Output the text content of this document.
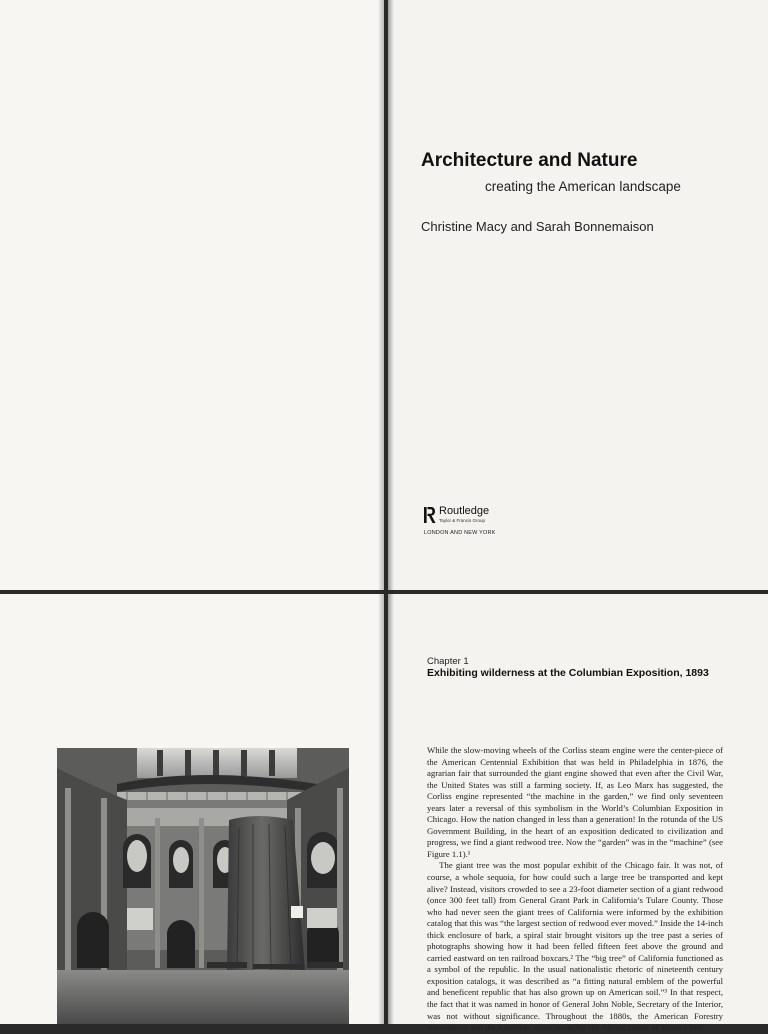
Architecture and Nature
creating the American landscape
Christine Macy and Sarah Bonnemaison
Routledge
Taylor & Francis Group
LONDON AND NEW YORK
Chapter 1
Exhibiting wilderness at the Columbian Exposition, 1893

While the slow-moving wheels of the Corliss steam engine were the center-piece of the American Centennial Exhibition that was held in Philadelphia in 1876, the agrarian fair that surrounded the giant engine showed that even after the Civil War, the United States was still a farming society. If, as Leo Marx has suggested, the Corliss engine represented “the machine in the garden,” we find only seventeen years later a reversal of this symbolism in the World’s Columbian Exposition in Chicago. How the nation changed in less than a generation! In the rotunda of the US Government Building, in the heart of an exposition dedicated to civilization and progress, we find a giant redwood tree. Now the “garden” was in the “machine” (see Figure 1.1).¹

The giant tree was the most popular exhibit of the Chicago fair. It was not, of course, a whole sequoia, for how could such a large tree be transported and kept alive? Instead, visitors crowded to see a 23-foot diameter section of a giant redwood (once 300 feet tall) from General Grant Park in California’s Tulare County. Those who had never seen the giant trees of California were informed by the exhibition catalog that this was “the largest section of redwood ever moved.” Inside the 14-inch thick enclosure of bark, a spiral stair brought visitors up the tree past a series of photographs showing how it had been felled fifteen feet above the ground and carried eastward on ten railroad boxcars.² The “big tree” of California functioned as a symbol of the republic. In the usual nationalistic rhetoric of nineteenth century exposition catalogs, it was described as “a fitting natural emblem of the powerful and beneficent republic that has also grown up on American soil.”³ In that respect, the fact that it was named in honor of General John Noble, Secretary of the Interior, was not without significance. Throughout the 1880s, the American Forestry Association and the American Association for the Advancement of Science had
